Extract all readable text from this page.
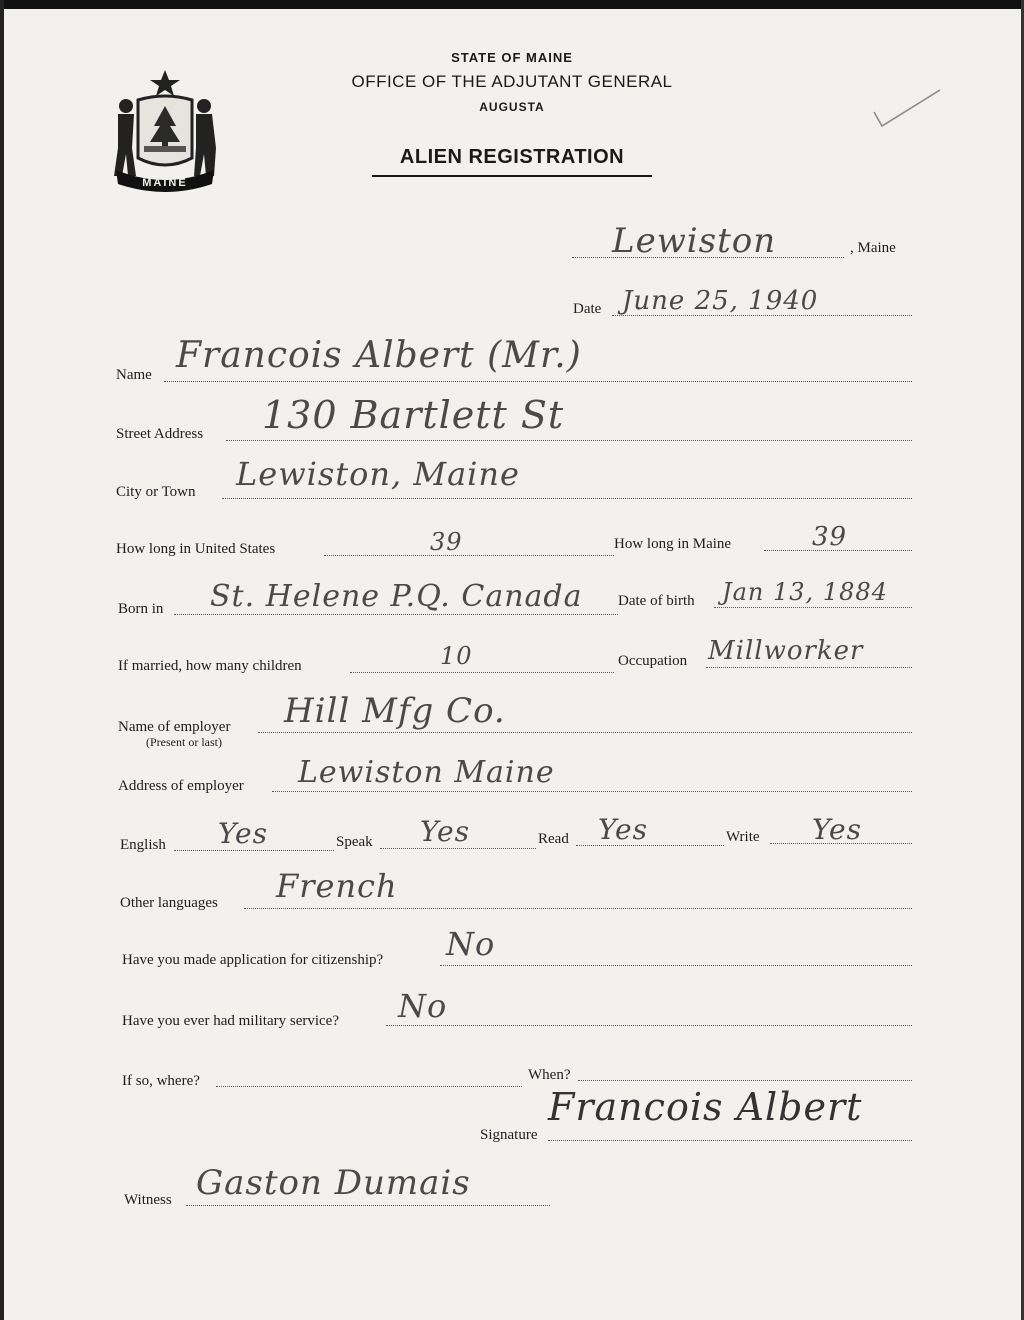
MAINE
STATE OF MAINE
OFFICE OF THE ADJUTANT GENERAL
AUGUSTA
ALIEN REGISTRATION
Lewiston	, Maine
Date June 25, 1940
Name Francois Albert (Mr.)
Street Address 130 Bartlett St
City or Town Lewiston, Maine
How long in United States	39	How long in Maine	39
Born in St. Helene P.Q. Canada Date of birth Jan 13, 1884
If married, how many children	10	Occupation Millworker
Name of employer
(Present or last)
Hill Mfg Co.
Address of employer Lewiston Maine
English Yes	Speak Yes	Read Yes	Write Yes
Other languages French
Have you made application for citizenship? No
Have you ever had military service? No
If so, where?	When?
Signature
Francois Albert
Witness Gaston Dumais
